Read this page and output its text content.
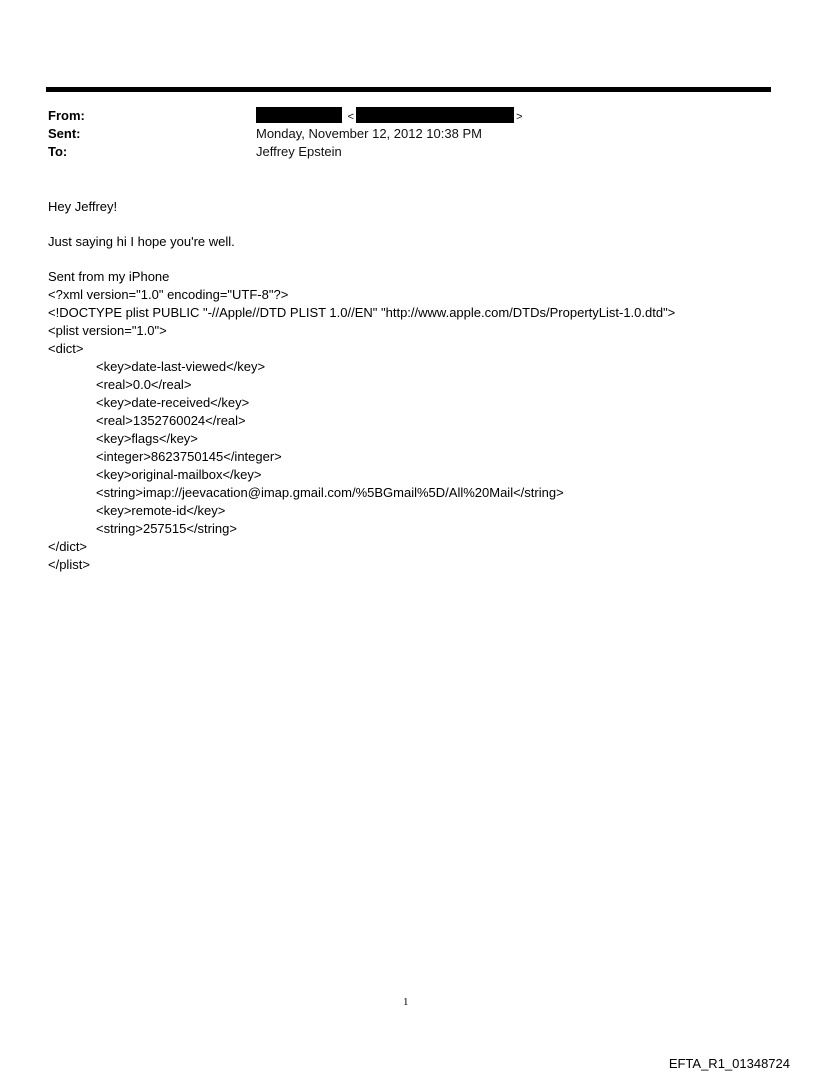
From:	<	>
Sent:	Monday, November 12, 2012 10:38 PM
To:	Jeffrey Epstein
Hey Jeffrey!
Just saying hi I hope you're well.
Sent from my iPhone
<?xml version="1.0" encoding="UTF-8"?>
<!DOCTYPE plist PUBLIC "-//Apple//DTD PLIST 1.0//EN" "http://www.apple.com/DTDs/PropertyList-1.0.dtd">
<plist version="1.0">
<dict>
<key>date-last-viewed</key>
<real>0.0</real>
<key>date-received</key>
<real>1352760024</real>
<key>flags</key>
<integer>8623750145</integer>
<key>original-mailbox</key>
<string>imap://jeevacation@imap.gmail.com/%5BGmail%5D/All%20Mail</string>
<key>remote-id</key>
<string>257515</string>
</dict>
</plist>
1
EFTA_R1_01348724
